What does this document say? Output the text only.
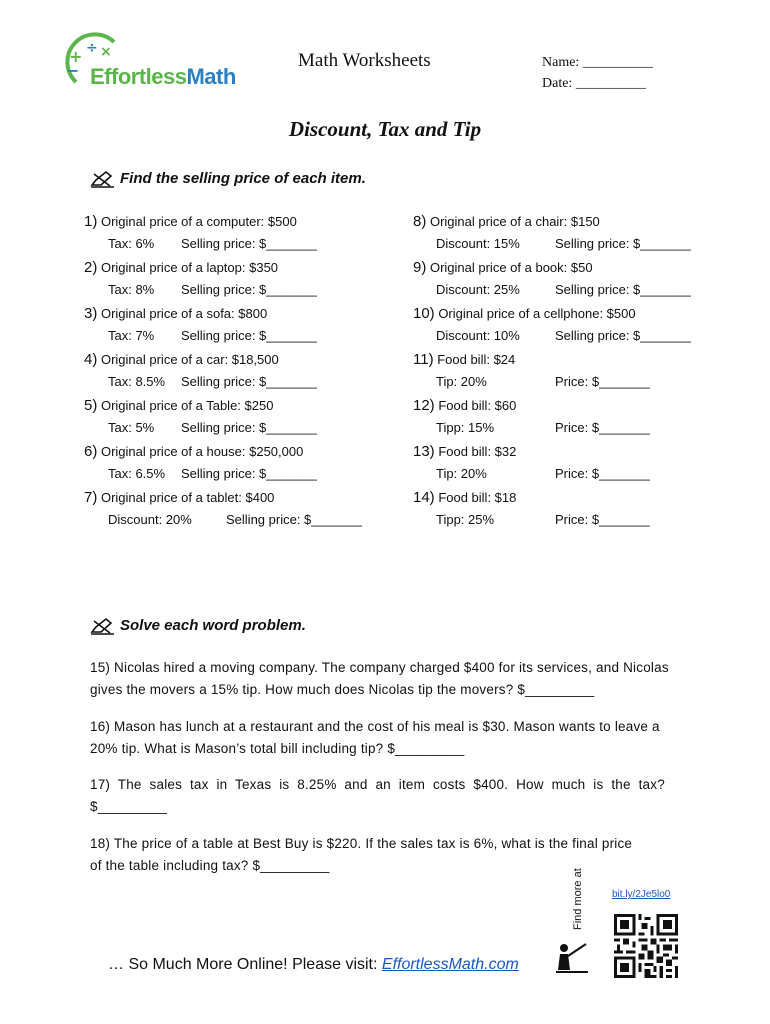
+ ÷ ×
− EffortlessMath
Math Worksheets	Name: __________
Date: __________
Discount, Tax and Tip
Find the selling price of each item.
1) Original price of a computer: $500
Tax: 6% Selling price: $_______
2) Original price of a laptop: $350
Tax: 8% Selling price: $_______
3) Original price of a sofa: $800
Tax: 7% Selling price: $_______
4) Original price of a car: $18,500
Tax: 8.5% Selling price: $_______
5) Original price of a Table: $250
Tax: 5% Selling price: $_______
6) Original price of a house: $250,000
Tax: 6.5% Selling price: $_______
7) Original price of a tablet: $400
Discount: 20%	Selling price: $_______
8) Original price of a chair: $150
Discount: 15%	Selling price: $_______
9) Original price of a book: $50
Discount: 25%	Selling price: $_______
10) Original price of a cellphone: $500
Discount: 10%	Selling price: $_______
11) Food bill: $24
Tip: 20%	Price: $_______
12) Food bill: $60
Tipp: 15%	Price: $_______
13) Food bill: $32
Tip: 20%	Price: $_______
14) Food bill: $18
Tipp: 25%	Price: $_______
Solve each word problem.
15) Nicolas hired a moving company. The company charged $400 for its services, and Nicolas
gives the movers a 15% tip. How much does Nicolas tip the movers? $_________
16) Mason has lunch at a restaurant and the cost of his meal is $30. Mason wants to leave a
20% tip. What is Mason’s total bill including tip? $_________
17)  The  sales  tax  in  Texas  is  8.25%  and  an  item  costs  $400.  How  much  is  the  tax?
$_________
18) The price of a table at Best Buy is $220. If the sales tax is 6%, what is the final price
of the table including tax? $_________
bit.ly/2Je5lo0
Find more at
… So Much More Online! Please visit: EffortlessMath.com
